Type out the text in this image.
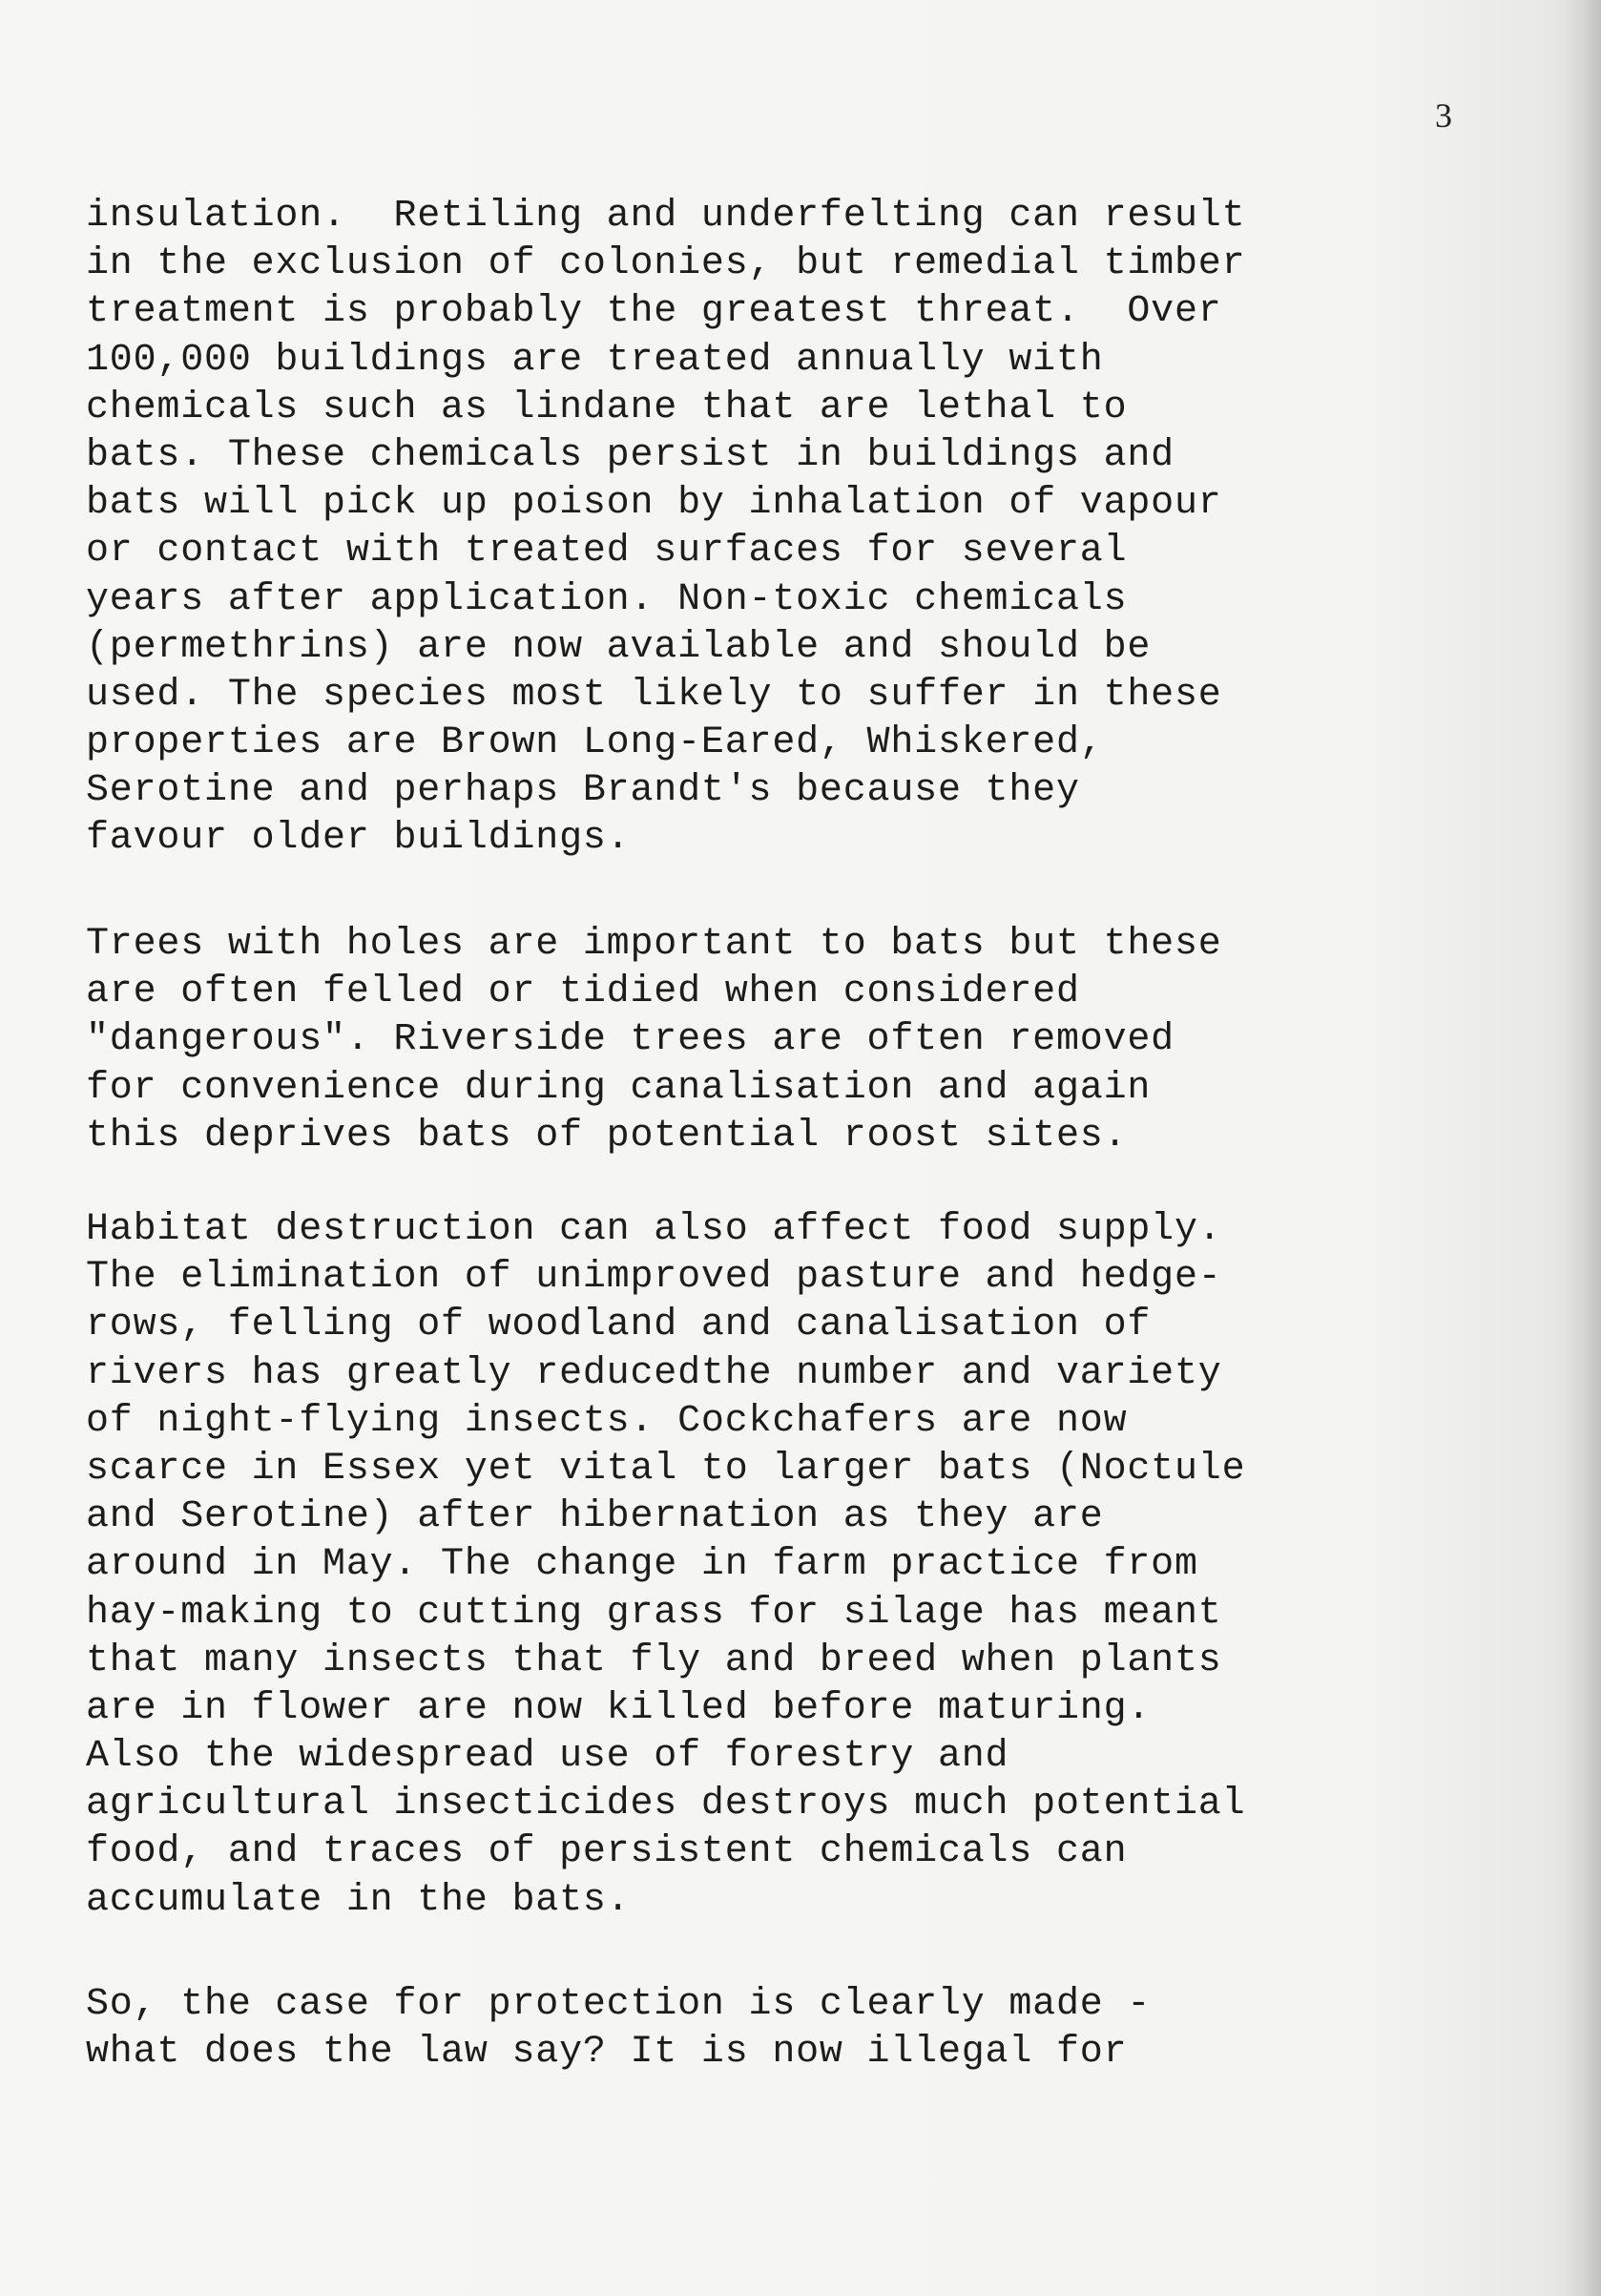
3
insulation.  Retiling and underfelting can result
in the exclusion of colonies, but remedial timber
treatment is probably the greatest threat.  Over
100,000 buildings are treated annually with
chemicals such as lindane that are lethal to
bats. These chemicals persist in buildings and
bats will pick up poison by inhalation of vapour
or contact with treated surfaces for several
years after application. Non-toxic chemicals
(permethrins) are now available and should be
used. The species most likely to suffer in these
properties are Brown Long-Eared, Whiskered,
Serotine and perhaps Brandt's because they
favour older buildings.
Trees with holes are important to bats but these
are often felled or tidied when considered
"dangerous". Riverside trees are often removed
for convenience during canalisation and again
this deprives bats of potential roost sites.
Habitat destruction can also affect food supply.
The elimination of unimproved pasture and hedge-
rows, felling of woodland and canalisation of
rivers has greatly reducedthe number and variety
of night-flying insects. Cockchafers are now
scarce in Essex yet vital to larger bats (Noctule
and Serotine) after hibernation as they are
around in May. The change in farm practice from
hay-making to cutting grass for silage has meant
that many insects that fly and breed when plants
are in flower are now killed before maturing.
Also the widespread use of forestry and
agricultural insecticides destroys much potential
food, and traces of persistent chemicals can
accumulate in the bats.
So, the case for protection is clearly made -
what does the law say? It is now illegal for
